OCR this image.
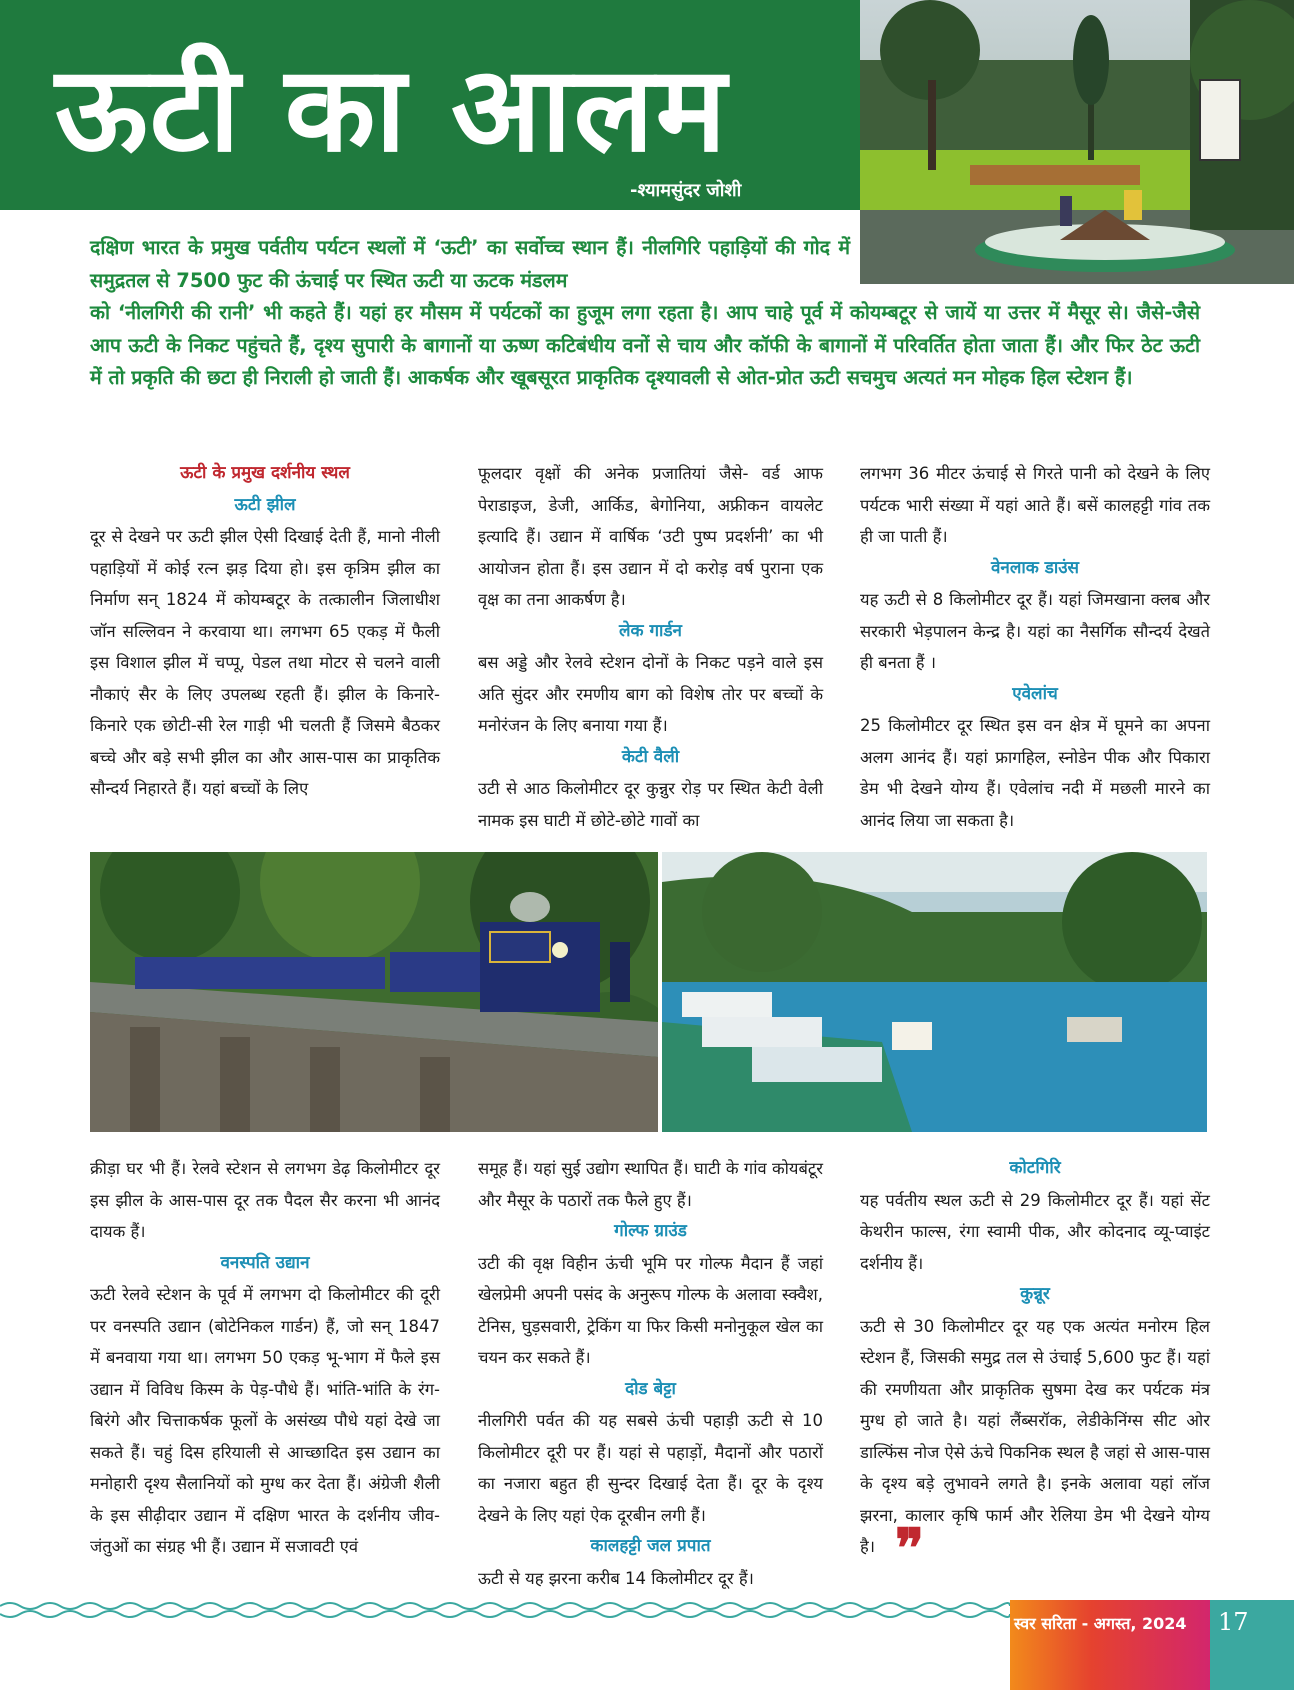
ऊटी का आलम
-श्यामसुंदर जोशी
दक्षिण भारत के प्रमुख पर्वतीय पर्यटन स्थलों में ‘ऊटी’ का सर्वोच्च स्थान हैं। नीलगिरि पहाड़ियों की गोद में समुद्रतल से 7500 फुट की ऊंचाई पर स्थित ऊटी या ऊटक मंडलम
को ‘नीलगिरी की रानी’ भी कहते हैं। यहां हर मौसम में पर्यटकों का हुजूम लगा रहता है। आप चाहे पूर्व में कोयम्बटूर से जायें या उत्तर में मैसूर से। जैसे-जैसे आप ऊटी के निकट पहुंचते हैं, दृश्य सुपारी के बागानों या ऊष्ण कटिबंधीय वनों से चाय और कॉफी के बागानों में परिवर्तित होता जाता हैं। और फिर ठेट ऊटी में तो प्रकृति की छटा ही निराली हो जाती हैं। आकर्षक और खूबसूरत प्राकृतिक दृश्यावली से ओत-प्रोत ऊटी सचमुच अत्यतं मन मोहक हिल स्टेशन हैं।

ऊटी के प्रमुख दर्शनीय स्थल

ऊटी झील

दूर से देखने पर ऊटी झील ऐसी दिखाई देती हैं, मानो नीली पहाड़ियों में कोई रत्न झड़ दिया हो। इस कृत्रिम झील का निर्माण सन् 1824 में कोयम्बटूर के तत्कालीन जिलाधीश जॉन सल्लिवन ने करवाया था। लगभग 65 एकड़ में फैली इस विशाल झील में चप्पू, पेडल तथा मोटर से चलने वाली नौकाएं सैर के लिए उपलब्ध रहती हैं। झील के किनारे-किनारे एक छोटी-सी रेल गाड़ी भी चलती हैं जिसमे बैठकर बच्चे और बड़े सभी झील का और आस-पास का प्राकृतिक सौन्दर्य निहारते हैं। यहां बच्चों के लिए

फूलदार वृक्षों की अनेक प्रजातियां जैसे- वर्ड आफ पेराडाइज, डेजी, आर्किड, बेगोनिया, अफ्रीकन वायलेट इत्यादि हैं। उद्यान में वार्षिक ‘उटी पुष्प प्रदर्शनी’ का भी आयोजन होता हैं। इस उद्यान में दो करोड़ वर्ष पुराना एक वृक्ष का तना आकर्षण है।

लेक गार्डन

बस अड्डे और रेलवे स्टेशन दोनों के निकट पड़ने वाले इस अति सुंदर और रमणीय बाग को विशेष तोर पर बच्चों के मनोरंजन के लिए बनाया गया हैं।

केटी वैली

उटी से आठ किलोमीटर दूर कुन्नुर रोड़ पर स्थित केटी वेली नामक इस घाटी में छोटे-छोटे गावों का

लगभग 36 मीटर ऊंचाई से गिरते पानी को देखने के लिए पर्यटक भारी संख्या में यहां आते हैं। बसें कालहट्टी गांव तक ही जा पाती हैं।

वेनलाक डाउंस

यह ऊटी से 8 किलोमीटर दूर हैं। यहां जिमखाना क्लब और सरकारी भेड़पालन केन्द्र है। यहां का नैसर्गिक सौन्दर्य देखते ही बनता हैं ।

एवेलांच

25 किलोमीटर दूर स्थित इस वन क्षेत्र में घूमने का अपना अलग आनंद हैं। यहां फ्रागहिल, स्नोडेन पीक और पिकारा डेम भी देखने योग्य हैं। एवेलांच नदी में मछली मारने का आनंद लिया जा सकता है।

क्रीड़ा घर भी हैं। रेलवे स्टेशन से लगभग डेढ़ किलोमीटर दूर इस झील के आस-पास दूर तक पैदल सैर करना भी आनंद दायक हैं।

वनस्पति उद्यान

ऊटी रेलवे स्टेशन के पूर्व में लगभग दो किलोमीटर की दूरी पर वनस्पति उद्यान (बोटेनिकल गार्डन) हैं, जो सन् 1847 में बनवाया गया था। लगभग 50 एकड़ भू-भाग में फैले इस उद्यान में विविध किस्म के पेड़-पौधे हैं। भांति-भांति के रंग-बिरंगे और चित्ताकर्षक फूलों के असंख्य पौधे यहां देखे जा सकते हैं। चहुं दिस हरियाली से आच्छादित इस उद्यान का मनोहारी दृश्य सैलानियों को मुग्ध कर देता हैं। अंग्रेजी शैली के इस सीढ़ीदार उद्यान में दक्षिण भारत के दर्शनीय जीव-जंतुओं का संग्रह भी हैं। उद्यान में सजावटी एवं

समूह हैं। यहां सुई उद्योग स्थापित हैं। घाटी के गांव कोयबंटूर और मैसूर के पठारों तक फैले हुए हैं।

गोल्फ ग्राउंड

उटी की वृक्ष विहीन ऊंची भूमि पर गोल्फ मैदान हैं जहां खेलप्रेमी अपनी पसंद के अनुरूप गोल्फ के अलावा स्क्वैश, टेनिस, घुड़सवारी, ट्रेकिंग या फिर किसी मनोनुकूल खेल का चयन कर सकते हैं।

दोड बेट्टा

नीलगिरी पर्वत की यह सबसे ऊंची पहाड़ी ऊटी से 10 किलोमीटर दूरी पर हैं। यहां से पहाड़ों, मैदानों और पठारों का नजारा बहुत ही सुन्दर दिखाई देता हैं। दूर के दृश्य देखने के लिए यहां ऐक दूरबीन लगी हैं।

कालहट्टी जल प्रपात

ऊटी से यह झरना करीब 14 किलोमीटर दूर हैं।

कोटगिरि

यह पर्वतीय स्थल ऊटी से 29 किलोमीटर दूर हैं। यहां सेंट केथरीन फाल्स, रंगा स्वामी पीक, और कोदनाद व्यू-प्वाइंट दर्शनीय हैं।

कुन्नूर

ऊटी से 30 किलोमीटर दूर यह एक अत्यंत मनोरम हिल स्टेशन हैं, जिसकी समुद्र तल से उंचाई 5,600 फुट हैं। यहां की रमणीयता और प्राकृतिक सुषमा देख कर पर्यटक मंत्र मुग्ध हो जाते है। यहां लैंब्सरॉक, लेडीकेनिंग्स सीट ओर डाल्फिंस नोज ऐसे ऊंचे पिकनिक स्थल है जहां से आस-पास के दृश्य बड़े लुभावने लगते है। इनके अलावा यहां लॉज झरना, कालार कृषि फार्म और रेलिया डेम भी देखने योग्य है। ❞

स्वर सरिता - अगस्त, 2024 17
